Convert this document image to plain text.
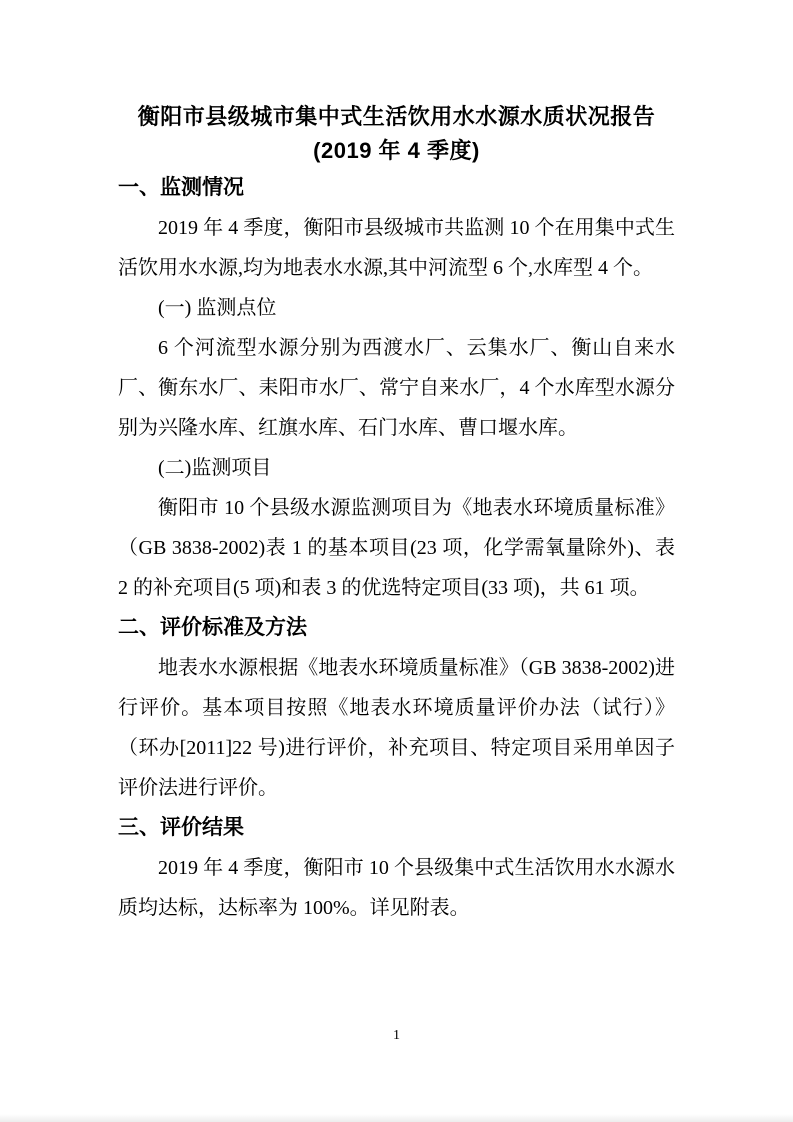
衡阳市县级城市集中式生活饮用水水源水质状况报告
(2019 年 4 季度)
一、监测情况

2019 年 4 季度，衡阳市县级城市共监测 10 个在用集中式生活饮用水水源,均为地表水水源,其中河流型 6 个,水库型 4 个。

(一) 监测点位

6 个河流型水源分别为西渡水厂、云集水厂、衡山自来水厂、衡东水厂、耒阳市水厂、常宁自来水厂，4 个水库型水源分别为兴隆水库、红旗水库、石门水库、曹口堰水库。

(二)监测项目

衡阳市 10 个县级水源监测项目为《地表水环境质量标准》（GB 3838-2002)表 1 的基本项目(23 项，化学需氧量除外)、表 2 的补充项目(5 项)和表 3 的优选特定项目(33 项)，共 61 项。

二、评价标准及方法

地表水水源根据《地表水环境质量标准》（GB 3838-2002)进行评价。基本项目按照《地表水环境质量评价办法（试行）》（环办[2011]22 号)进行评价，补充项目、特定项目采用单因子评价法进行评价。

三、评价结果

2019 年 4 季度，衡阳市 10 个县级集中式生活饮用水水源水质均达标，达标率为 100%。详见附表。

1
